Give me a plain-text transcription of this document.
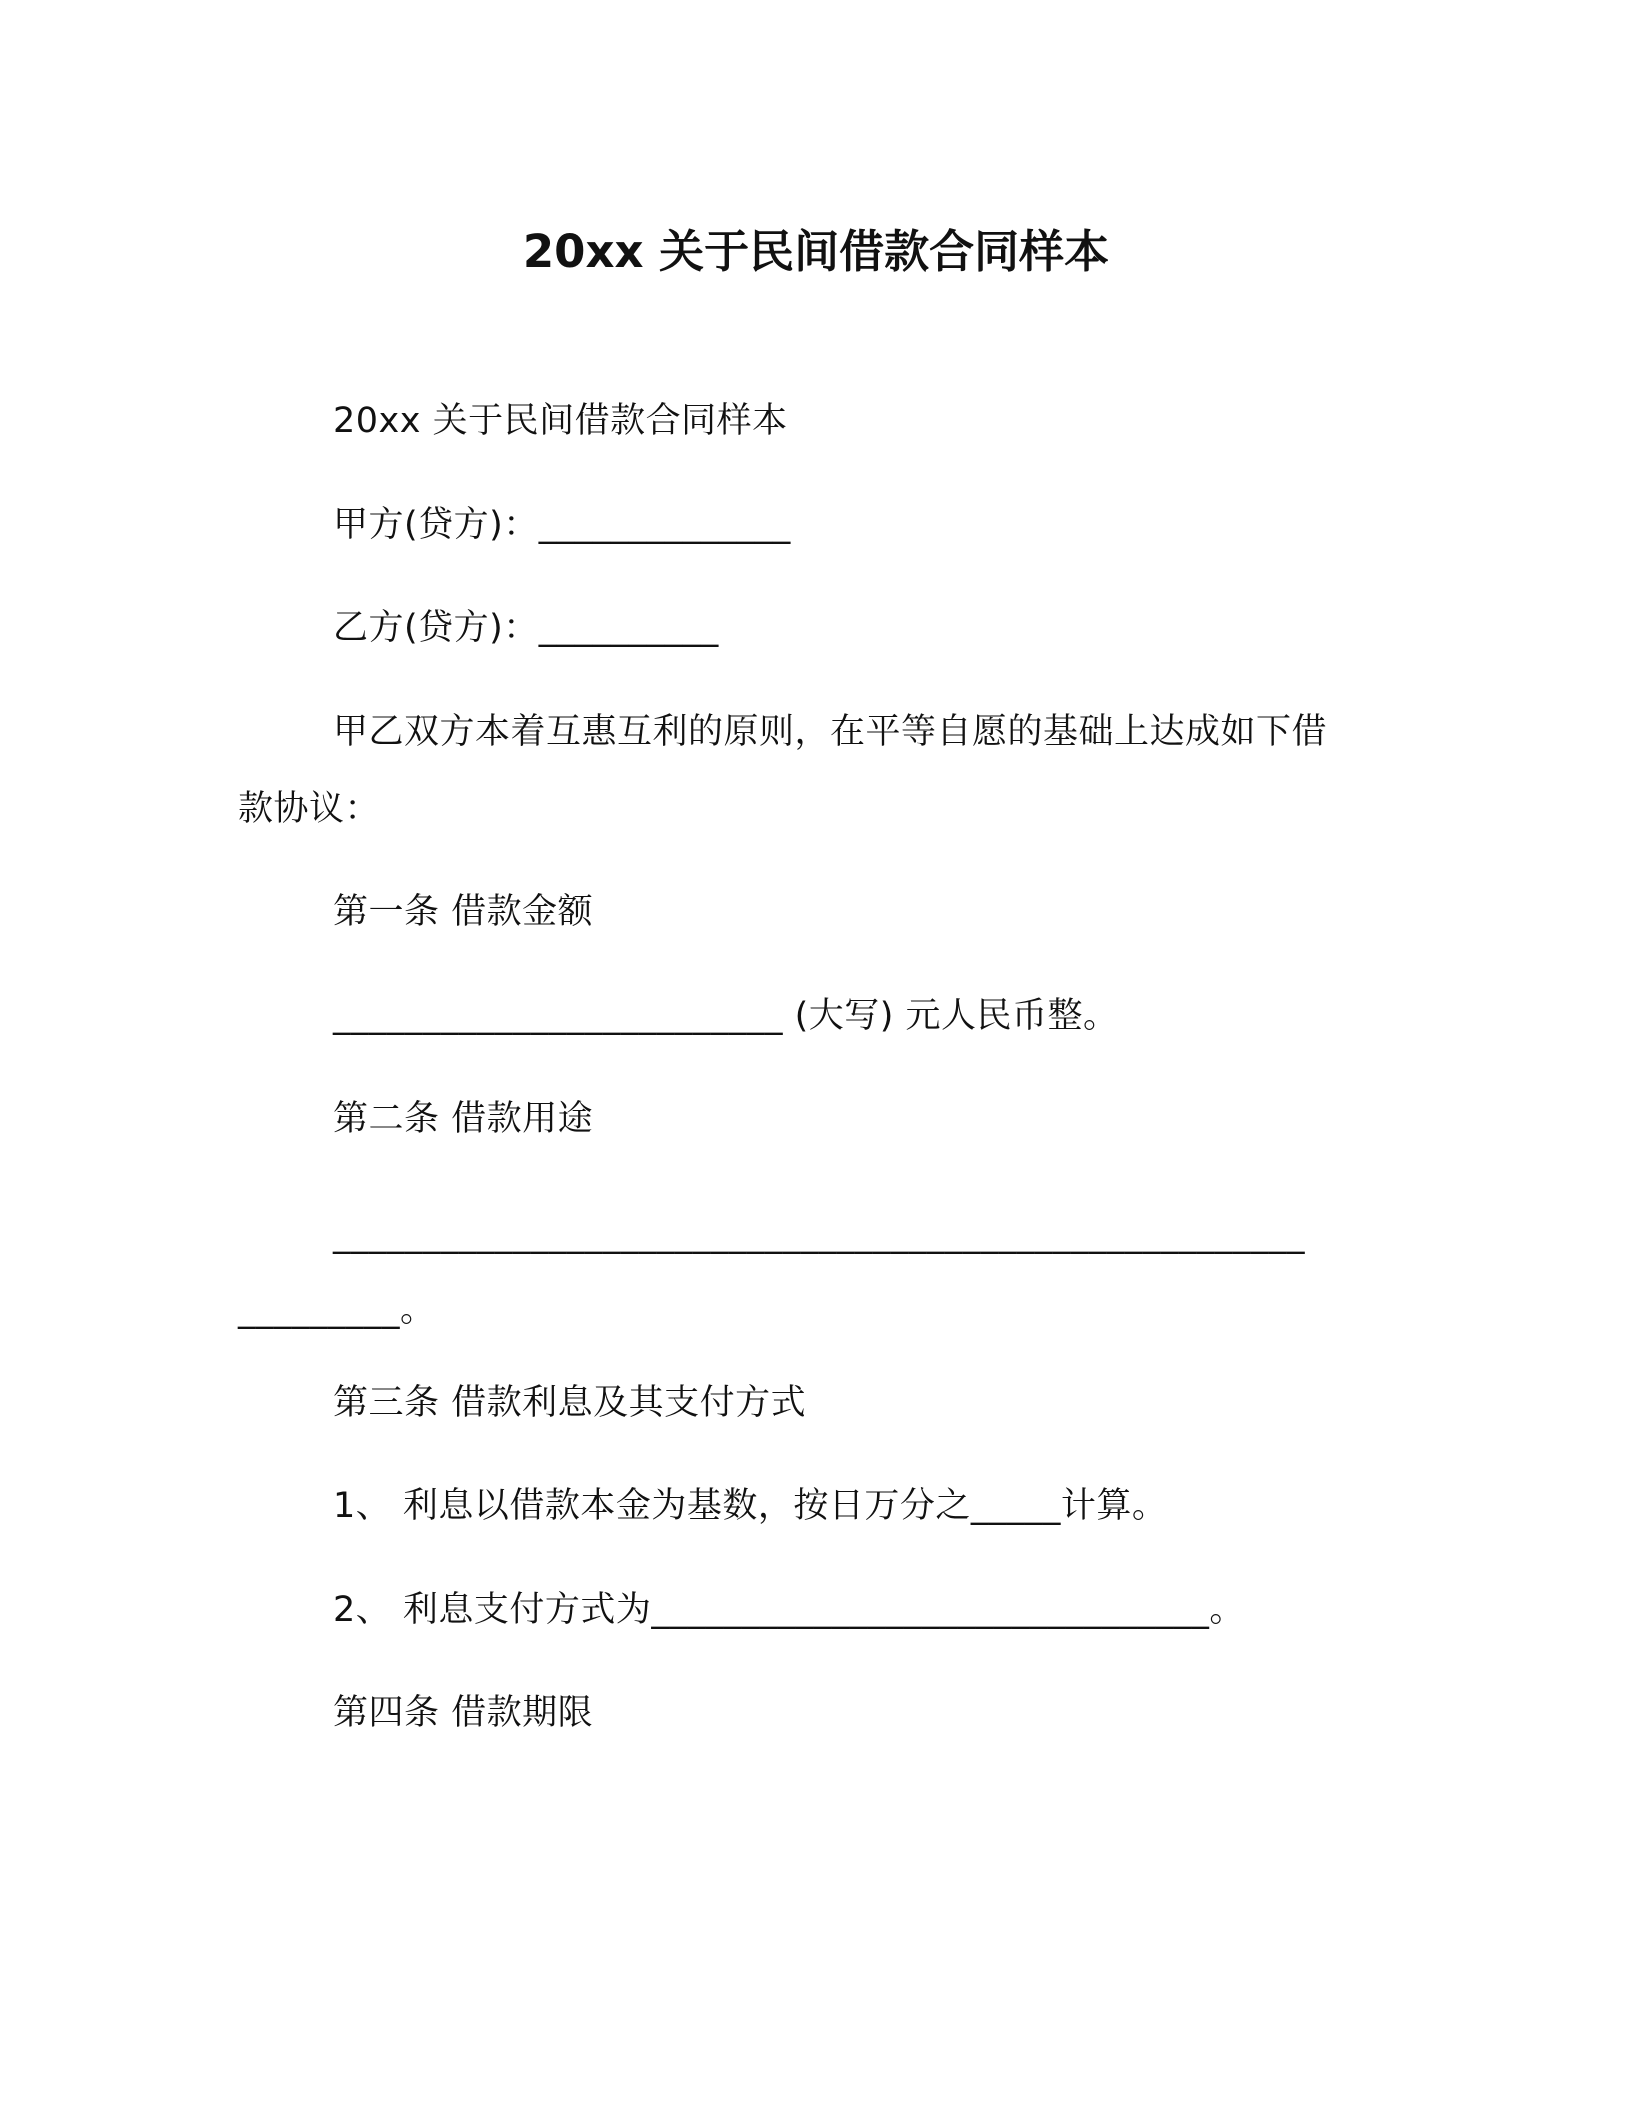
20xx 关于民间借款合同样本
20xx 关于民间借款合同样本
甲方(贷方)：______________
乙方(贷方)：__________
甲乙双方本着互惠互利的原则，在平等自愿的基础上达成如下借
款协议：
第一条 借款金额
_________________________ (大写) 元人民币整。
第二条 借款用途
______________________________________________________
_________。
第三条 借款利息及其支付方式
1、 利息以借款本金为基数，按日万分之_____计算。
2、 利息支付方式为_______________________________。
第四条 借款期限
